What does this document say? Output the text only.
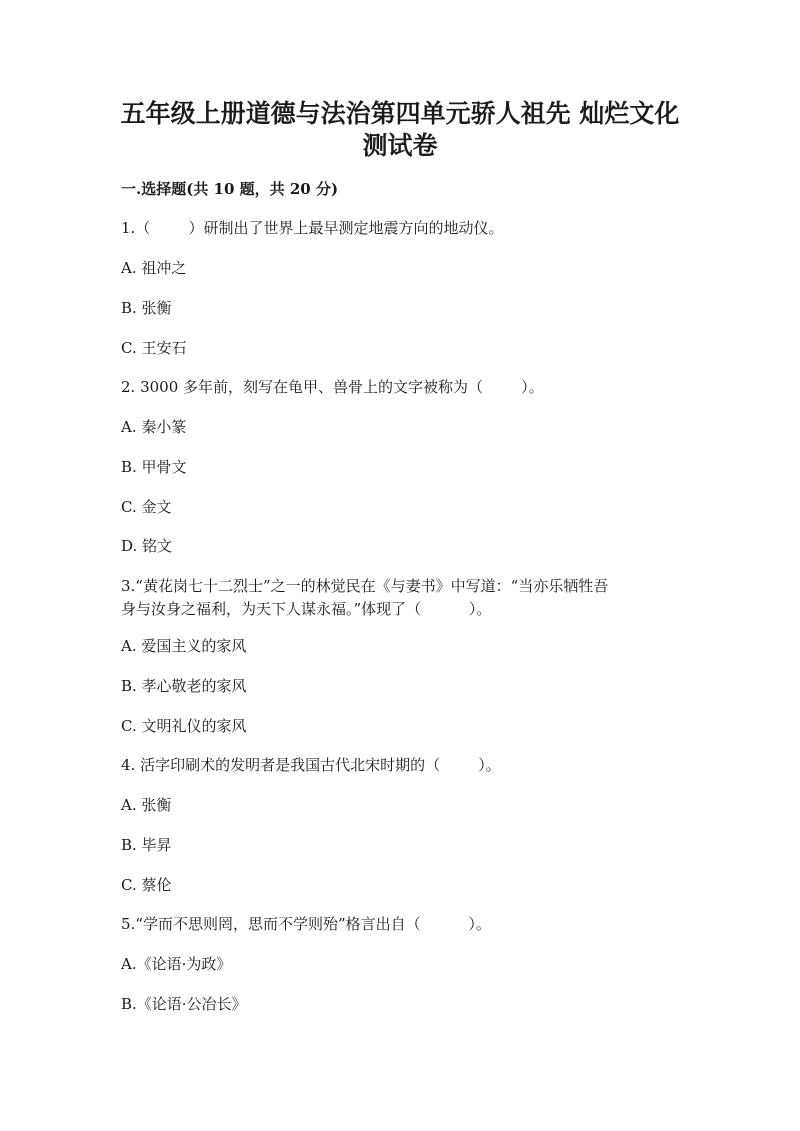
五年级上册道德与法治第四单元骄人祖先 灿烂文化
测试卷

一.选择题(共 10 题，共 20 分)

1.（        ）研制出了世界上最早测定地震方向的地动仪。

A. 祖冲之

B. 张衡

C. 王安石

2. 3000 多年前，刻写在龟甲、兽骨上的文字被称为（        ）。

A. 秦小篆

B. 甲骨文

C. 金文

D. 铭文

3.“黄花岗七十二烈士”之一的林觉民在《与妻书》中写道：“当亦乐牺牲吾

身与汝身之福利，为天下人谋永福。”体现了（          ）。

A. 爱国主义的家风

B. 孝心敬老的家风

C. 文明礼仪的家风

4. 活字印刷术的发明者是我国古代北宋时期的（        ）。

A. 张衡

B. 毕昇

C. 蔡伦

5.“学而不思则罔，思而不学则殆”格言出自（          ）。

A.《论语·为政》

B.《论语·公冶长》
